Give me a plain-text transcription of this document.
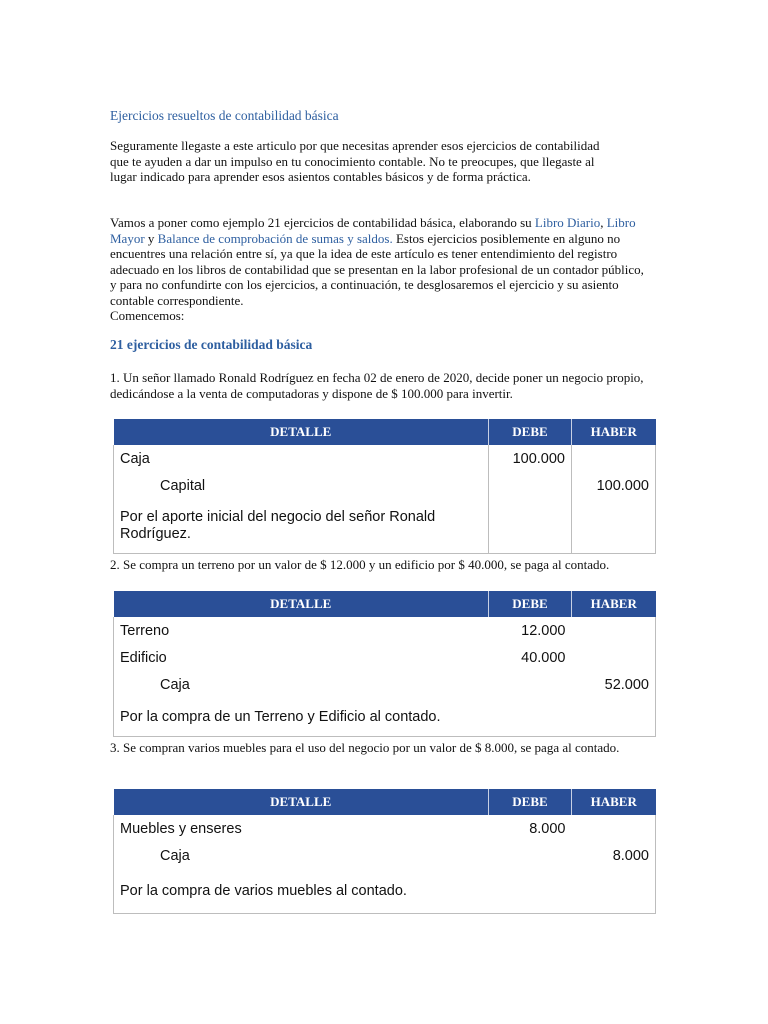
Ejercicios resueltos de contabilidad básica

Seguramente llegaste a este articulo por que necesitas aprender esos ejercicios de contabilidad

que te ayuden a dar un impulso en tu conocimiento contable. No te preocupes, que llegaste al

lugar indicado para aprender esos asientos contables básicos y de forma práctica.

Vamos a poner como ejemplo 21 ejercicios de contabilidad básica, elaborando su Libro Diario, Libro Mayor y Balance de comprobación de sumas y saldos. Estos ejercicios posiblemente en alguno no encuentres una relación entre sí, ya que la idea de este artículo es tener entendimiento del registro adecuado en los libros de contabilidad que se presentan en la labor profesional de un contador público, y para no confundirte con los ejercicios, a continuación, te desglosaremos el ejercicio y su asiento contable correspondiente.

Comencemos:

21 ejercicios de contabilidad básica
1. Un señor llamado Ronald Rodríguez en fecha 02 de enero de 2020, decide poner un negocio propio, dedicándose a la venta de computadoras y dispone de $ 100.000 para invertir.
DETALLE	DEBE	HABER
Caja	100.000	
Capital		100.000
Por el aporte inicial del negocio del señor Ronald Rodríguez.		
2. Se compra un terreno por un valor de $ 12.000 y un edificio por $ 40.000, se paga al contado.
DETALLE	DEBE	HABER
Terreno	12.000	
Edificio	40.000	
Caja		52.000
Por la compra de un Terreno y Edificio al contado.		
3. Se compran varios muebles para el uso del negocio por un valor de $ 8.000, se paga al contado.
DETALLE	DEBE	HABER
Muebles y enseres	8.000	
Caja		8.000
Por la compra de varios muebles al contado.		
